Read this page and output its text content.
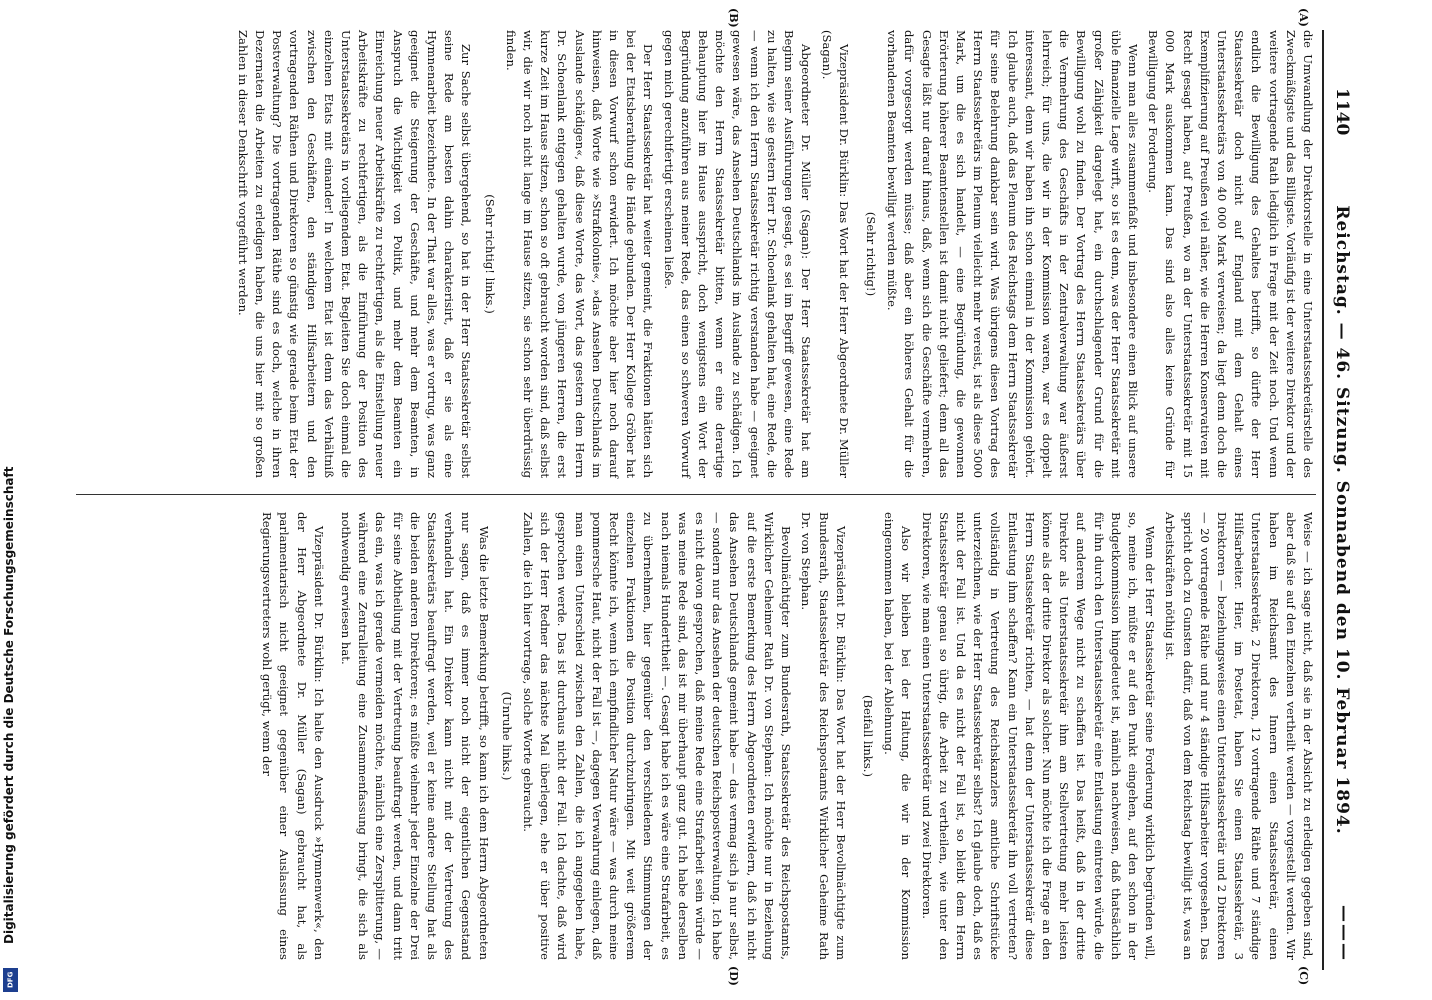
1140
Reichstag. — 46. Sitzung. Sonnabend den 10. Februar 1894.
———
(A)
(B)
(C)
(D)

die Umwandlung der Direktorstelle in eine Unterstaatssekretärstelle des Zweckmäßigste und das Billigste. Vorläufig ist der weitere Direktor und der weitere vortragende Rath lediglich in Frage mit der Zeit noch. Und wenn endlich die Bewilligung des Gehaltes betrifft, so dürfte der Herr Staatssekretär doch nicht auf England mit dem Gehalt eines Unterstaatssekretärs von 40 000 Mark verweisen; da liegt denn doch die Exemplifizierung auf Preußen viel näher, wie die Herren Konservativen mit Recht gesagt haben, auf Preußen, wo an der Unterstaatssekretär mit 15 000 Mark auskommen kann. Das sind also alles keine Gründe für Bewilligung der Forderung.

Wenn man alles zusammenfaßt und insbesondere einen Blick auf unsere üble finanzielle Lage wirft, so ist es denn, was der Herr Staatssekretär mit großer Zähigkeit dargelegt hat, ein durchschlagender Grund für die Bewilligung wohl zu finden. Der Vortrag des Herrn Staatssekretärs über die Vermehrung des Geschäfts in der Zentralverwaltung war äußerst lehrreich; für uns, die wir in der Kommission waren, war es doppelt interessant, denn wir haben ihn schon einmal in der Kommission gehört. Ich glaube auch, daß das Plenum des Reichstags dem Herrn Staatssekretär für seine Belehrung dankbar sein wird. Was übrigens diesen Vortrag des Herrn Staatssekretärs im Plenum vielleicht mehr vereist, ist als diese 5000 Mark, um die es sich handelt, — eine Begründung, die gewonnen Erörterung höherer Beamtenstellen ist damit nicht geliefert; denn all das Gesagte läßt nur darauf hinaus, daß, wenn sich die Geschäfte vermehren, dafür vorgesorgt werden müsse; daß aber ein höheres Gehalt für die vorhandenen Beamten bewilligt werden müßte.

(Sehr richtig!)

Vizepräsident Dr. Bürklin: Das Wort hat der Herr Abgeordnete Dr. Müller (Sagan).

Abgeordneter Dr. Müller (Sagan): Der Herr Staatssekretär hat am Beginn seiner Ausführungen gesagt, es sei im Begriff gewesen, eine Rede zu halten, wie sie gestern Herr Dr. Schoenlank gehalten hat, eine Rede, die — wenn ich den Herrn Staatssekretär richtig verstanden habe — geeignet gewesen wäre, das Ansehen Deutschlands im Auslande zu schädigen. Ich möchte den Herrn Staatssekretär bitten, wenn er eine derartige Behauptung hier im Hause ausspricht, doch wenigstens ein Wort der Begründung anzuführen aus meiner Rede, das einen so schweren Vorwurf gegen mich gerechtfertigt erscheinen ließe.

Der Herr Staatssekretär hat weiter gemeint, die Fraktionen hätten sich bei der Etatsberathung die Hände gebunden. Der Herr Kollege Gröber hat in diesen Vorwurf schon erwidert. Ich möchte aber hier noch darauf hinweisen, daß Worte wie »Strafkolonie«, »das Ansehen Deutschlands im Auslande schädigen«, daß diese Worte, das Wort, das gestern dem Herrn Dr. Schoenlank entgegen gehalten wurde, von jüngeren Herren, die erst kurze Zeit im Hause sitzen, schon so oft gebraucht worden sind, daß selbst wir, die wir noch nicht lange im Hause sitzen, sie schon sehr überdrüssig finden.

(Sehr richtig! links.)

Zur Sache selbst übergehend, so hat in der Herr Staatssekretär selbst seine Rede am besten dahin charakterisirt, daß er sie als eine Hymnenarbeit bezeichnete. In der That war alles, was er vortrug, was ganz geeignet die Steigerung der Geschäfte, und mehr dem Beamten, in Anspruch die Wichtigkeit von Politik, und mehr dem Beamten ein Einreichung neuer Arbeitskräfte zu rechtfertigen, als die Einstellung neuer Arbeitskräfte zu rechtfertigen, als die Einführung der Position des Unterstaatssekretärs in vorliegendem Etat. Begleiten Sie doch einmal die einzelnen Etats mit einander! In welchem Etat ist denn das Verhältniß zwischen den Geschäften, den ständigen Hilfsarbeitern und den vortragenden Räthen und Direktoren so günstig wie gerade beim Etat der Postverwaltung? Die vortragenden Räthe sind es doch, welche in ihren Dezernaten die Arbeiten zu erledigen haben, die uns hier mit so großen Zahlen in dieser Denkschrift vorgeführt werden.

Weise — ich sage nicht, daß sie in der Absicht zu erledigen gegeben sind, aber daß sie auf den Einzelnen vertheilt werden — vorgestellt werden. Wir haben im Reichsamt des Innern einen Staatssekretär, einen Unterstaatssekretär, 2 Direktoren, 12 vortragende Räthe und 7 ständige Hilfsarbeiter. Hier, im Postetat, haben Sie einen Staatssekretär, 3 Direktoren — beziehungsweise einen Unterstaatssekretär und 2 Direktoren — 20 vortragende Räthe und nur 4 ständige Hilfsarbeiter vorgesehen. Das spricht doch zu Gunsten dafür, daß von dem Reichstag bewilligt ist, was an Arbeitskräften nöthig ist.

Wenn der Herr Staatssekretär seine Forderung wirklich begründen will, so, meine ich, müßte er auf den Punkt eingehen, auf den schon in der Budgetkommission hingedeutet ist, nämlich nachweisen, daß thatsächlich für ihn durch den Unterstaatssekretär eine Entlastung eintreten würde, die auf anderem Wege nicht zu schaffen ist. Das heißt, daß in der dritte Direktor als Unterstaatssekretär ihm am Stellvertretung mehr leisten könne als der dritte Direktor als solcher. Nun möchte ich die Frage an den Herrn Staatssekretär richten, — hat denn der Unterstaatssekretär diese Entlastung ihm schaffen? Kann ein Unterstaatssekretär ihn voll vertreten? vollständig in Vertretung des Reichskanzlers amtliche Schriftstücke unterzeichnen, wie der Herr Staatssekretär selbst? Ich glaube doch, daß es nicht der Fall ist. Und da es nicht der Fall ist, so bleibt dem Herrn Staatssekretär genau so übrig, die Arbeit zu vertheilen, wie unter den Direktoren, wie man einen Unterstaatssekretär und zwei Direktoren.

Also wir bleiben bei der Haltung, die wir in der Kommission eingenommen haben, bei der Ablehnung.

(Beifall links.)

Vizepräsident Dr. Bürklin: Das Wort hat der Herr Bevollmächtigte zum Bundesrath, Staatssekretär des Reichspostamts Wirklicher Geheime Rath Dr. von Stephan.

Bevollmächtigter zum Bundesrath, Staatssekretär des Reichspostamts, Wirklicher Geheimer Rath Dr. von Stephan: Ich möchte nur in Beziehung auf die erste Bemerkung des Herrn Abgeordneten erwidern, daß ich nicht das Ansehen Deutschlands gemeint habe — das vermag sich ja nur selbst, — sondern nur das Ansehen der deutschen Reichspostverwaltung. Ich habe es nicht davon gesprochen, daß meine Rede eine Strafarbeit sein würde — was meine Rede sind, das ist mir überhaupt ganz gut. Ich habe derselben nach niemals Hunderttheit —. Gesagt habe ich es wäre eine Strafarbeit, es zu übernehmen, hier gegenüber den verschiedenen Stimmungen der einzelnen Fraktionen die Position durchzubringen. Mit weit größerem Recht könnte ich, wenn ich empfindlicher Natur wäre — was durch meine pommersche Haut, nicht der Fall ist —, dagegen Verwahrung einlegen, daß man einen Unterschied zwischen den Zahlen, die ich angegeben habe, gesprochen werde. Das ist durchaus nicht der Fall. Ich dachte, daß wird sich der Herr Redner das nächste Mal überlegen, ehe er über positive Zahlen, die ich hier vortrage, solche Worte gebraucht.

(Unruhe links.)

Was die letzte Bemerkung betrifft, so kann ich dem Herrn Abgeordneten nur sagen, daß es immer noch nicht der eigentlichen Gegenstand verhandeln hat. Ein Direktor kann nicht mit der Vertretung des Staatssekretärs beauftragt werden, weil er keine andere Stellung hat als die beiden anderen Direktoren; es müßte vielmehr jeder Einzelne der Drei für seine Abtheilung mit der Vertretung beauftragt werden, und dann tritt das ein, was ich gerade vermeiden möchte, nämlich eine Zersplitterung, — während eine Zentralleitung eine Zusammenfassung bringt, die sich als nothwendig erwiesen hat.

Vizepräsident Dr. Bürklin: Ich halte den Ausdruck »Hymnenwerk«, den der Herr Abgeordnete Dr. Müller (Sagan) gebraucht hat, als parlamentarisch nicht geeignet gegenüber einer Auslassung eines Regierungsvertreters wohl gerügt, wenn der

Digitalisierung gefördert durch die Deutsche Forschungsgemeinschaft
DFG
